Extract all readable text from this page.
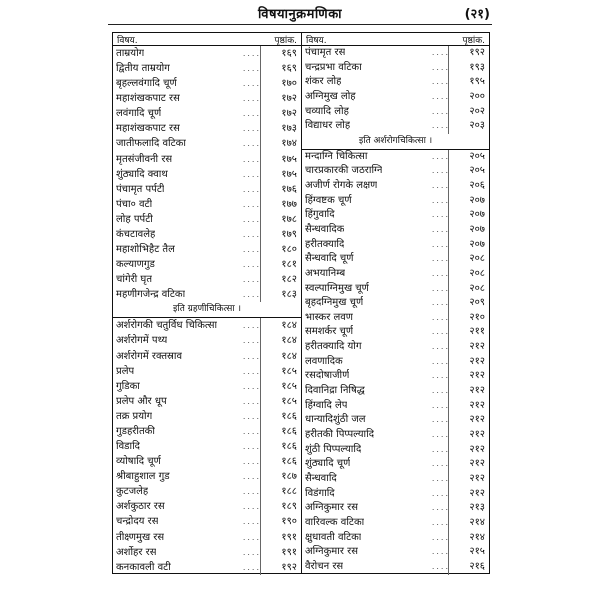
विषयानुक्रमणिका	(२१)
विषय.	पृष्ठांक.
ताम्रयोग	....	१६९
द्वितीय ताम्रयोग	....	१६९
बृहल्लवंगादि चूर्ण	....	१७०
महाशंखकपाट रस	....	१७२
लवंगादि चूर्ण	....	१७२
महाशंखकपाट रस	....	१७३
जातीफलादि वटिका	....	१७४
मृतसंजीवनी रस	....	१७५
शुंठ्यादि क्वाथ	....	१७५
पंचामृत पर्पटी	....	१७६
पंचा० वटी	....	१७७
लोह पर्पटी	....	१७८
कंचटावलेह	....	१७९
महाशोभिहैट तैल	....	१८०
कल्याणगुड	....	१८१
चांगेरी घृत	....	१८२
महणीगजेन्द्र वटिका	....	१८३
इति ग्रहणीचिकित्सा ।
अर्शरोगकी चतुर्विध चिकित्सा	....	१८४
अर्शरोगमें पथ्य	....	१८४
अर्शरोगमें रक्तस्राव	....	१८४
प्रलेप	....	१८५
गुडिका	....	१८५
प्रलेप और धूप	....	१८५
तक्र प्रयोग	....	१८६
गुडहरीतकी	....	१८६
विडादि	....	१८६
व्योषादि चूर्ण	....	१८६
श्रीबाहुशाल गुड	....	१८७
कुटजलेह	....	१८८
अर्शकुठार रस	....	१८९
चन्द्रोदय रस	....	१९०
तीक्ष्णमुख रस	....	१९१
अर्शोहर रस	....	१९१
कनकावली वटी	....	१९२
विषय.	पृष्ठांक.
पंचामृत रस	....	१९२
चन्द्रप्रभा वटिका	....	१९३
शंकर लोह	....	१९५
अग्निमुख लोह	....	२००
चव्यादि लोह	....	२०२
विद्याधर लोह	....	२०३
इति अर्शरोगचिकित्सा ।
मन्दाग्नि चिकित्सा	....	२०५
चारप्रकारकी जठराग्नि	....	२०५
अजीर्ण रोगके लक्षण	....	२०६
हिंग्वष्टक चूर्ण	....	२०७
हिंगुवादि	....	२०७
सैन्धवादिक	....	२०७
हरीतक्यादि	....	२०७
सैन्धवादि चूर्ण	....	२०८
अभयानिम्ब	....	२०८
स्वल्पाग्निमुख चूर्ण	....	२०८
बृहदग्निमुख चूर्ण	....	२०९
भास्कर लवण	....	२१०
समशर्कर चूर्ण	....	२११
हरीतक्यादि योग	....	२१२
लवणादिक	....	२१२
रसदोषाजीर्ण	....	२१२
दिवानिद्रा निषिद्ध	....	२१२
हिंग्वादि लेप	....	२१२
धान्यादिशुंठी जल	....	२१२
हरीतकी पिप्पल्यादि	....	२१२
शुंठी पिप्पल्यादि	....	२१२
शुंठ्यादि चूर्ण	....	२१२
सैन्धवादि	....	२१२
विडंगादि	....	२१२
अग्निकुमार रस	....	२१३
वारिवल्क वटिका	....	२१४
क्षुधावती वटिका	....	२१४
अग्निकुमार रस	....	२१५
वैरोचन रस	....	२१६
